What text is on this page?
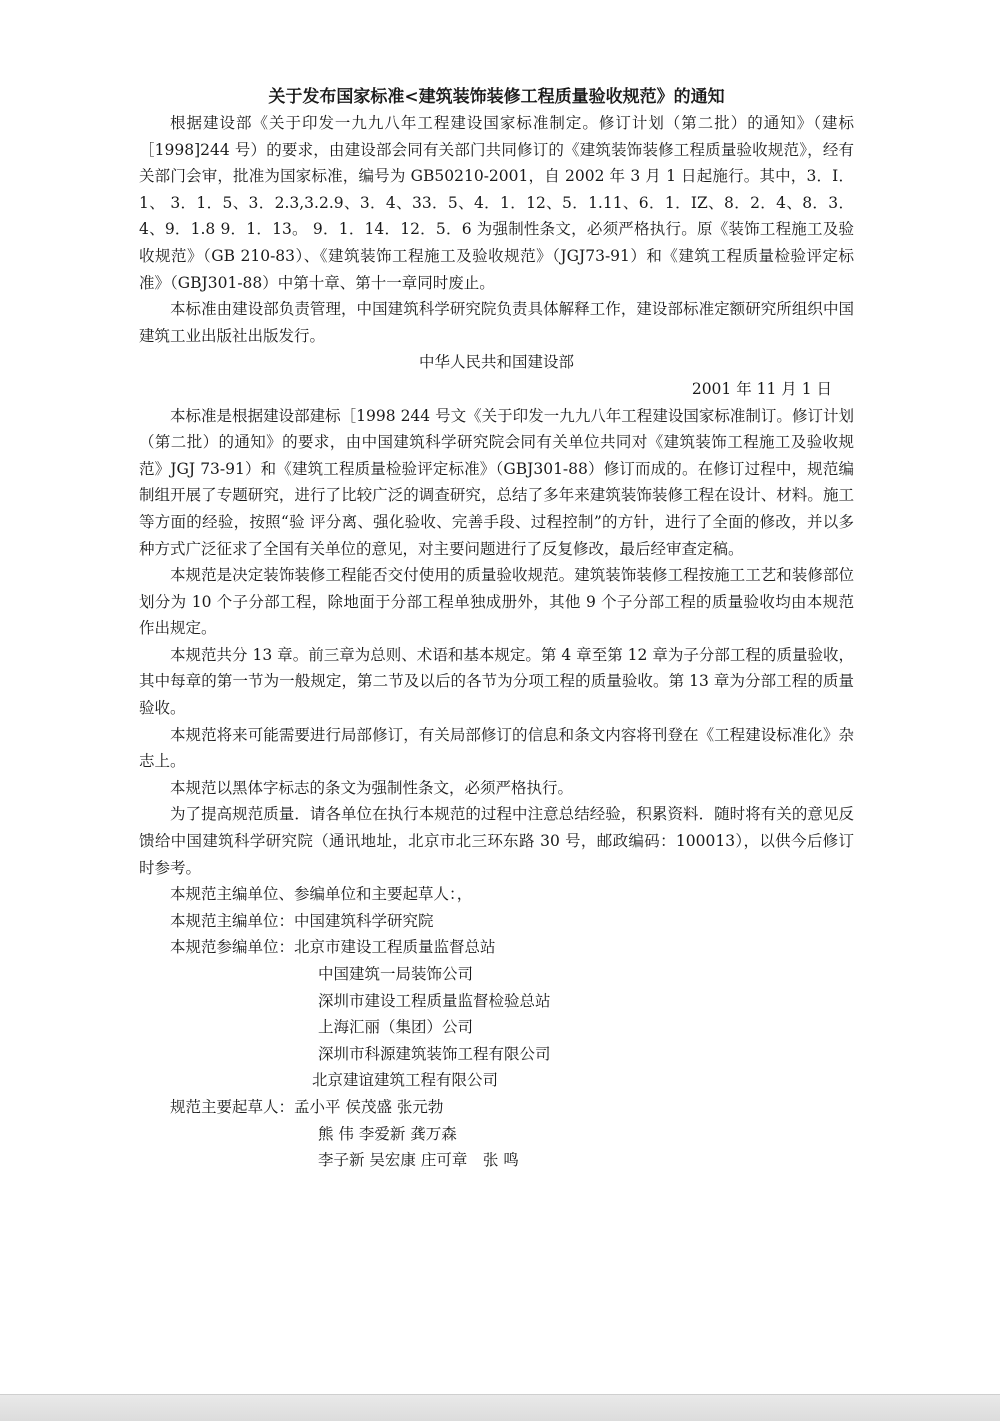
关于发布国家标准<建筑装饰装修工程质量验收规范》的通知

根据建设部《关于印发一九九八年工程建设国家标准制定。修订计划（第二批）的通知》（建标［1998]244 号）的要求，由建设部会同有关部门共同修订的《建筑装饰装修工程质量验收规范》，经有关部门会审，批准为国家标准，编号为 GB50210-2001，自 2002 年 3 月 1 日起施行。其中，3．I．1、 3．1．5、3．2.3,3.2.9、3．4、33．5、4．1．12、5．1.11、6．1．IZ、8．2．4、8．3．4、9．1.8 9．1．13。 9．1．14．12．5．6 为强制性条文，必须严格执行。原《装饰工程施工及验收规范》（GB 210-83）、《建筑装饰工程施工及验收规范》（JGJ73-91）和《建筑工程质量检验评定标准》（GBJ301-88）中第十章、第十一章同时废止。

本标准由建设部负责管理，中国建筑科学研究院负责具体解释工作，建设部标准定额研究所组织中国建筑工业出版社出版发行。

中华人民共和国建设部

2001 年 11 月 1 日

本标准是根据建设部建标［1998 244 号文《关于印发一九九八年工程建设国家标准制订。修订计划（第二批）的通知》的要求，由中国建筑科学研究院会同有关单位共同对《建筑装饰工程施工及验收规范》JGJ 73-91）和《建筑工程质量检验评定标准》（GBJ301-88）修订而成的。在修订过程中，规范编制组开展了专题研究，进行了比较广泛的调查研究，总结了多年来建筑装饰装修工程在设计、材料。施工等方面的经验，按照“验 评分离、强化验收、完善手段、过程控制”的方针，进行了全面的修改，并以多种方式广泛征求了全国有关单位的意见，对主要问题进行了反复修改，最后经审查定稿。

本规范是决定装饰装修工程能否交付使用的质量验收规范。建筑装饰装修工程按施工工艺和装修部位划分为 10 个子分部工程，除地面于分部工程单独成册外，其他 9 个子分部工程的质量验收均由本规范作出规定。

本规范共分 13 章。前三章为总则、术语和基本规定。第 4 章至第 12 章为子分部工程的质量验收，其中每章的第一节为一般规定，第二节及以后的各节为分项工程的质量验收。第 13 章为分部工程的质量验收。

本规范将来可能需要进行局部修订，有关局部修订的信息和条文内容将刊登在《工程建设标准化》杂志上。

本规范以黑体字标志的条文为强制性条文，必须严格执行。

为了提高规范质量．请各单位在执行本规范的过程中注意总结经验，积累资料．随时将有关的意见反馈给中国建筑科学研究院（通讯地址，北京市北三环东路 30 号，邮政编码：100013），以供今后修订时参考。

本规范主编单位、参编单位和主要起草人：，

本规范主编单位： 中国建筑科学研究院
本规范参编单位： 北京市建设工程质量监督总站
中国建筑一局装饰公司
深圳市建设工程质量监督检验总站
上海汇丽（集团）公司
深圳市科源建筑装饰工程有限公司
北京建谊建筑工程有限公司
规范主要起草人： 孟小平 侯茂盛 张元勃
熊 伟 李爱新 龚万森
李子新 吴宏康 庄可章　张 鸣
